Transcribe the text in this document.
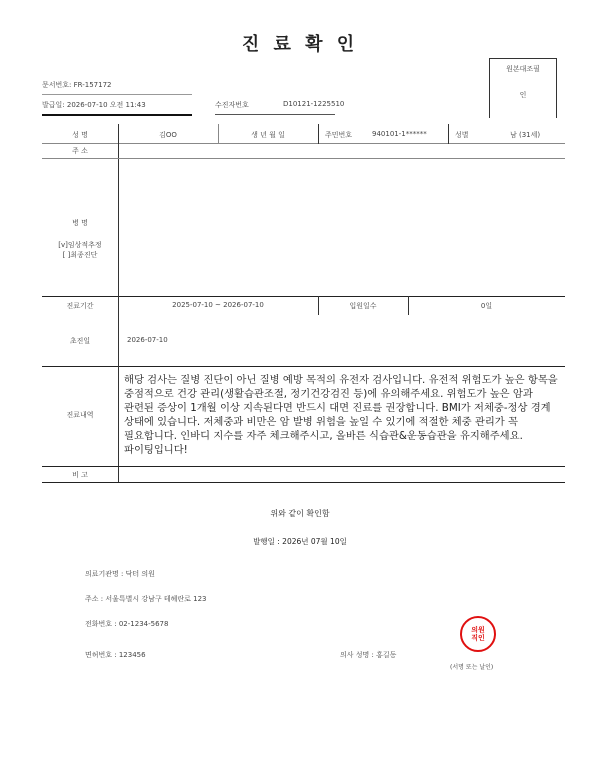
진 료 확 인
원본대조필
인
문서번호: FR-157172
발급일: 2026-07-10 오전 11:43	수진자번호	D10121-1225510
성 명	김OO	생 년 월 일	주민번호	940101-1******	성별	남 (31세)
주 소
병 명
[v]임상적추정
[ ]최종진단
진료기간	2025-07-10 ~ 2026-07-10	입원일수	0일
초진일	2026-07-10
진료내역
해당 검사는 질병 진단이 아닌 질병 예방 목적의 유전자 검사입니다. 유전적 위험도가 높은 항목을 중점적으로 건강 관리(생활습관조절, 정기건강검진 등)에 유의해주세요. 위험도가 높은 암과 관련된 증상이 1개월 이상 지속된다면 반드시 대면 진료를 권장합니다. BMI가 저체중-정상 경계 상태에 있습니다. 저체중과 비만은 암 발병 위험을 높일 수 있기에 적절한 체중 관리가 꼭 필요합니다. 인바디 지수를 자주 체크해주시고, 올바른 식습관&운동습관을 유지해주세요. 파이팅입니다!
비 고
위와 같이 확인함
발행일 : 2026년 07월 10일
의료기관명 : 닥터 의원
주소 : 서울특별시 강남구 테헤란로 123
전화번호 : 02-1234-5678
면허번호 : 123456	의사 성명 : 홍길동
(서명 또는 날인)
의원직인
